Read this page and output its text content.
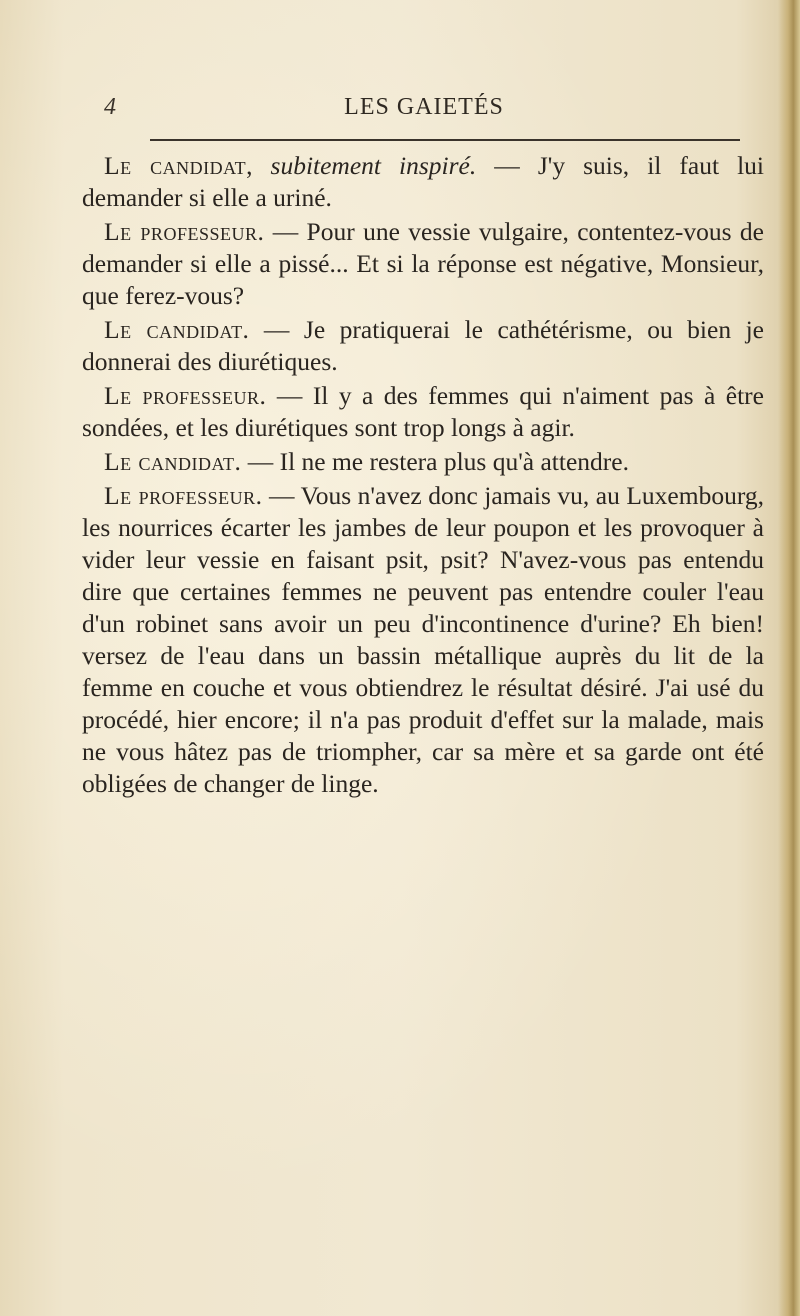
4	LES GAIETÉS

Le candidat, subitement inspiré. — J'y suis, il faut lui demander si elle a uriné.

Le professeur. — Pour une vessie vulgaire, contentez-vous de demander si elle a pissé... Et si la réponse est négative, Monsieur, que ferez-vous?

Le candidat. — Je pratiquerai le cathétérisme, ou bien je donnerai des diurétiques.

Le professeur. — Il y a des femmes qui n'aiment pas à être sondées, et les diurétiques sont trop longs à agir.

Le candidat. — Il ne me restera plus qu'à attendre.

Le professeur. — Vous n'avez donc jamais vu, au Luxembourg, les nourrices écarter les jambes de leur poupon et les provoquer à vider leur vessie en faisant psit, psit? N'avez-vous pas entendu dire que certaines femmes ne peuvent pas entendre couler l'eau d'un robinet sans avoir un peu d'incontinence d'urine? Eh bien! versez de l'eau dans un bassin métallique auprès du lit de la femme en couche et vous obtiendrez le résultat désiré. J'ai usé du procédé, hier encore; il n'a pas produit d'effet sur la malade, mais ne vous hâtez pas de triompher, car sa mère et sa garde ont été obligées de changer de linge.
